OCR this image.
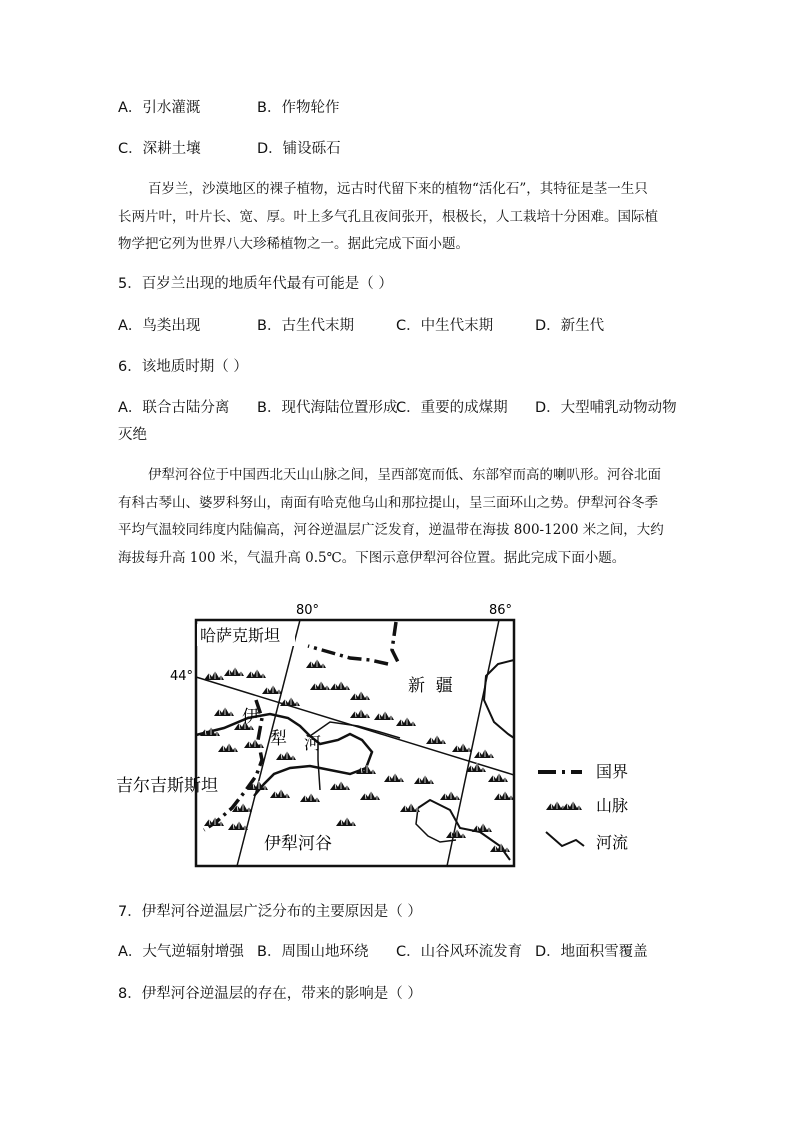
A．引水灌溉	B．作物轮作
C．深耕土壤	D．铺设砾石
百岁兰，沙漠地区的裸子植物，远古时代留下来的植物“活化石”，其特征是茎一生只
长两片叶，叶片长、宽、厚。叶上多气孔且夜间张开，根极长，人工栽培十分困难。国际植
物学把它列为世界八大珍稀植物之一。据此完成下面小题。
5．百岁兰出现的地质年代最有可能是（ ）
A．鸟类出现	B．古生代末期	C．中生代末期	D．新生代
6．该地质时期（ ）
A．联合古陆分离 B．现代海陆位置形成
C．重要的成煤期 D．大型哺乳动物动物
灭绝
伊犁河谷位于中国西北天山山脉之间，呈西部宽而低、东部窄而高的喇叭形。河谷北面
有科古琴山、婆罗科努山，南面有哈克他乌山和那拉提山，呈三面环山之势。伊犁河谷冬季
平均气温较同纬度内陆偏高，河谷逆温层广泛发育，逆温带在海拔 800-1200 米之间，大约
海拔每升高 100 米，气温升高 0.5℃。下图示意伊犁河谷位置。据此完成下面小题。
80°	86°
44°
哈萨克斯坦
新  疆
伊
犁 河
吉尔吉斯斯坦
伊犁河谷
国界
山脉
河流
7．伊犁河谷逆温层广泛分布的主要原因是（ ）
A．大气逆辐射增强 B．周围山地环绕 C．山谷风环流发育 D．地面积雪覆盖
8．伊犁河谷逆温层的存在，带来的影响是（ ）
